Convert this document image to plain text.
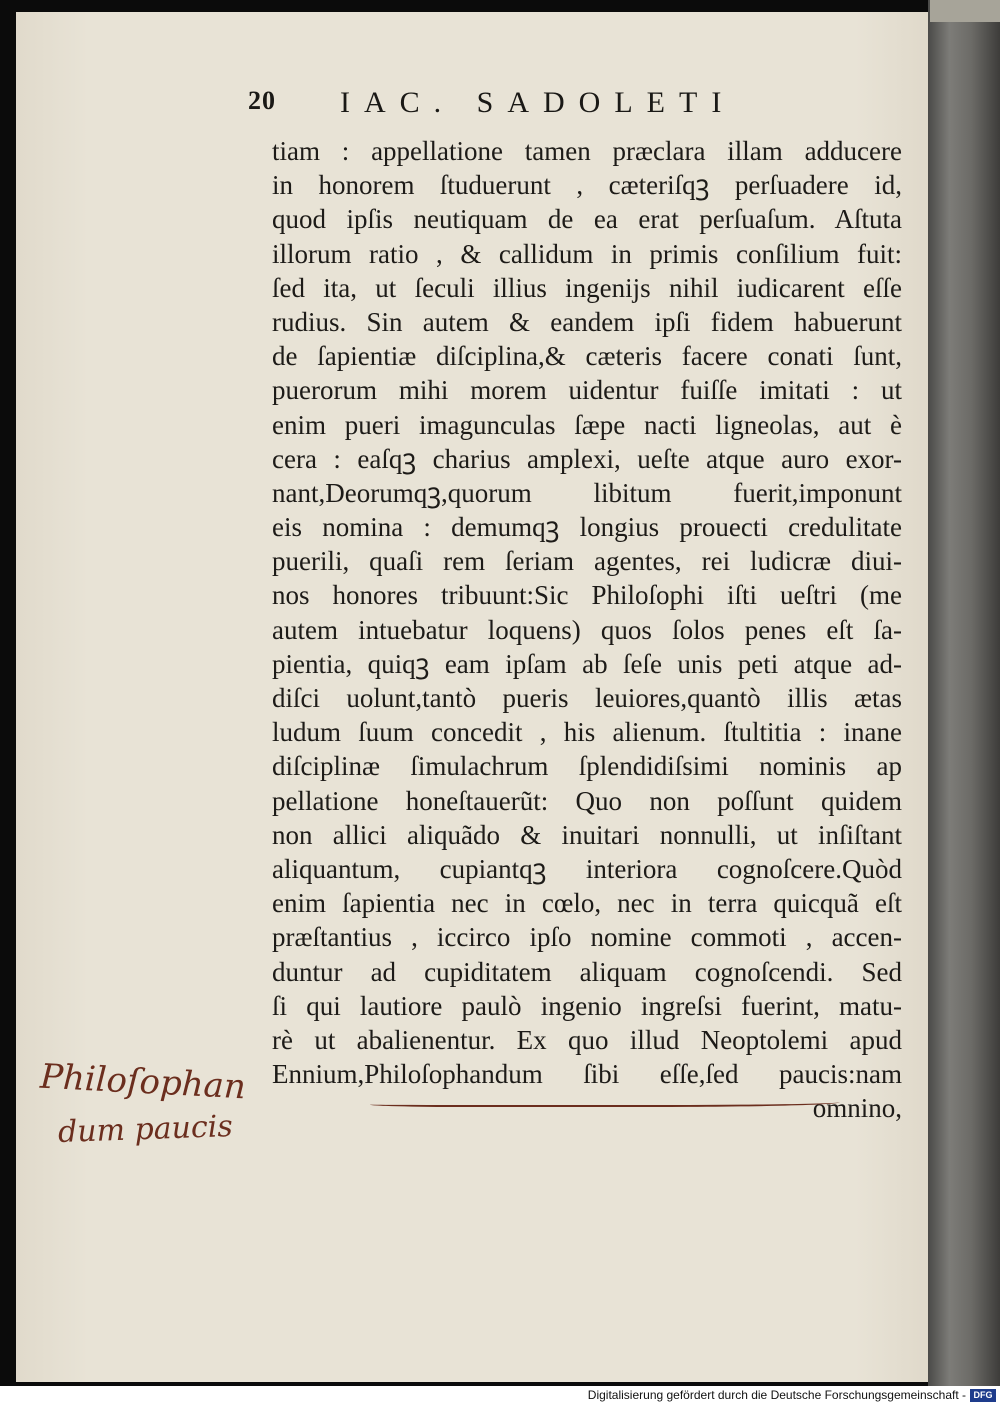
20 IAC. SADOLETI
tiam : appellatione tamen præclara illam adducere
in honorem ſtuduerunt , cæteriſqꝫ perſuadere id,
quod ipſis neutiquam de ea erat perſuaſum. Aſtuta
illorum ratio , & callidum in primis conſilium fuit:
ſed ita, ut ſeculi illius ingenijs nihil iudicarent eſſe
rudius. Sin autem & eandem ipſi fidem habuerunt
de ſapientiæ diſciplina,& cæteris facere conati ſunt,
puerorum mihi morem uidentur fuiſſe imitati : ut
enim pueri imagunculas ſæpe nacti ligneolas, aut è
cera : eaſqꝫ charius amplexi, ueſte atque auro exor-
nant,Deorumqꝫ,quorum libitum fuerit,imponunt
eis nomina : demumqꝫ longius prouecti credulitate
puerili, quaſi rem ſeriam agentes, rei ludicræ diui-
nos honores tribuunt:Sic Philoſophi iſti ueſtri (me
autem intuebatur loquens) quos ſolos penes eſt ſa-
pientia, quiqꝫ eam ipſam ab ſeſe unis peti atque ad-
diſci uolunt,tantò pueris leuiores,quantò illis ætas
ludum ſuum concedit , his alienum. ſtultitia : inane
diſciplinæ ſimulachrum ſplendidiſsimi nominis ap
pellatione honeſtauerũt: Quo non poſſunt quidem
non allici aliquãdo & inuitari nonnulli, ut inſiſtant
aliquantum, cupiantqꝫ interiora cognoſcere.Quòd
enim ſapientia nec in cœlo, nec in terra quicquã eſt
præſtantius , iccirco ipſo nomine commoti , accen-
duntur ad cupiditatem aliquam cognoſcendi. Sed
ſi qui lautiore paulò ingenio ingreſsi fuerint, matu-
rè ut abalienentur. Ex quo illud Neoptolemi apud
Ennium,Philoſophandum ſibi eſſe,ſed paucis:nam
omnino,
Philoſophan
dum paucis
Digitalisierung gefördert durch die Deutsche Forschungsgemeinschaft - DFG
